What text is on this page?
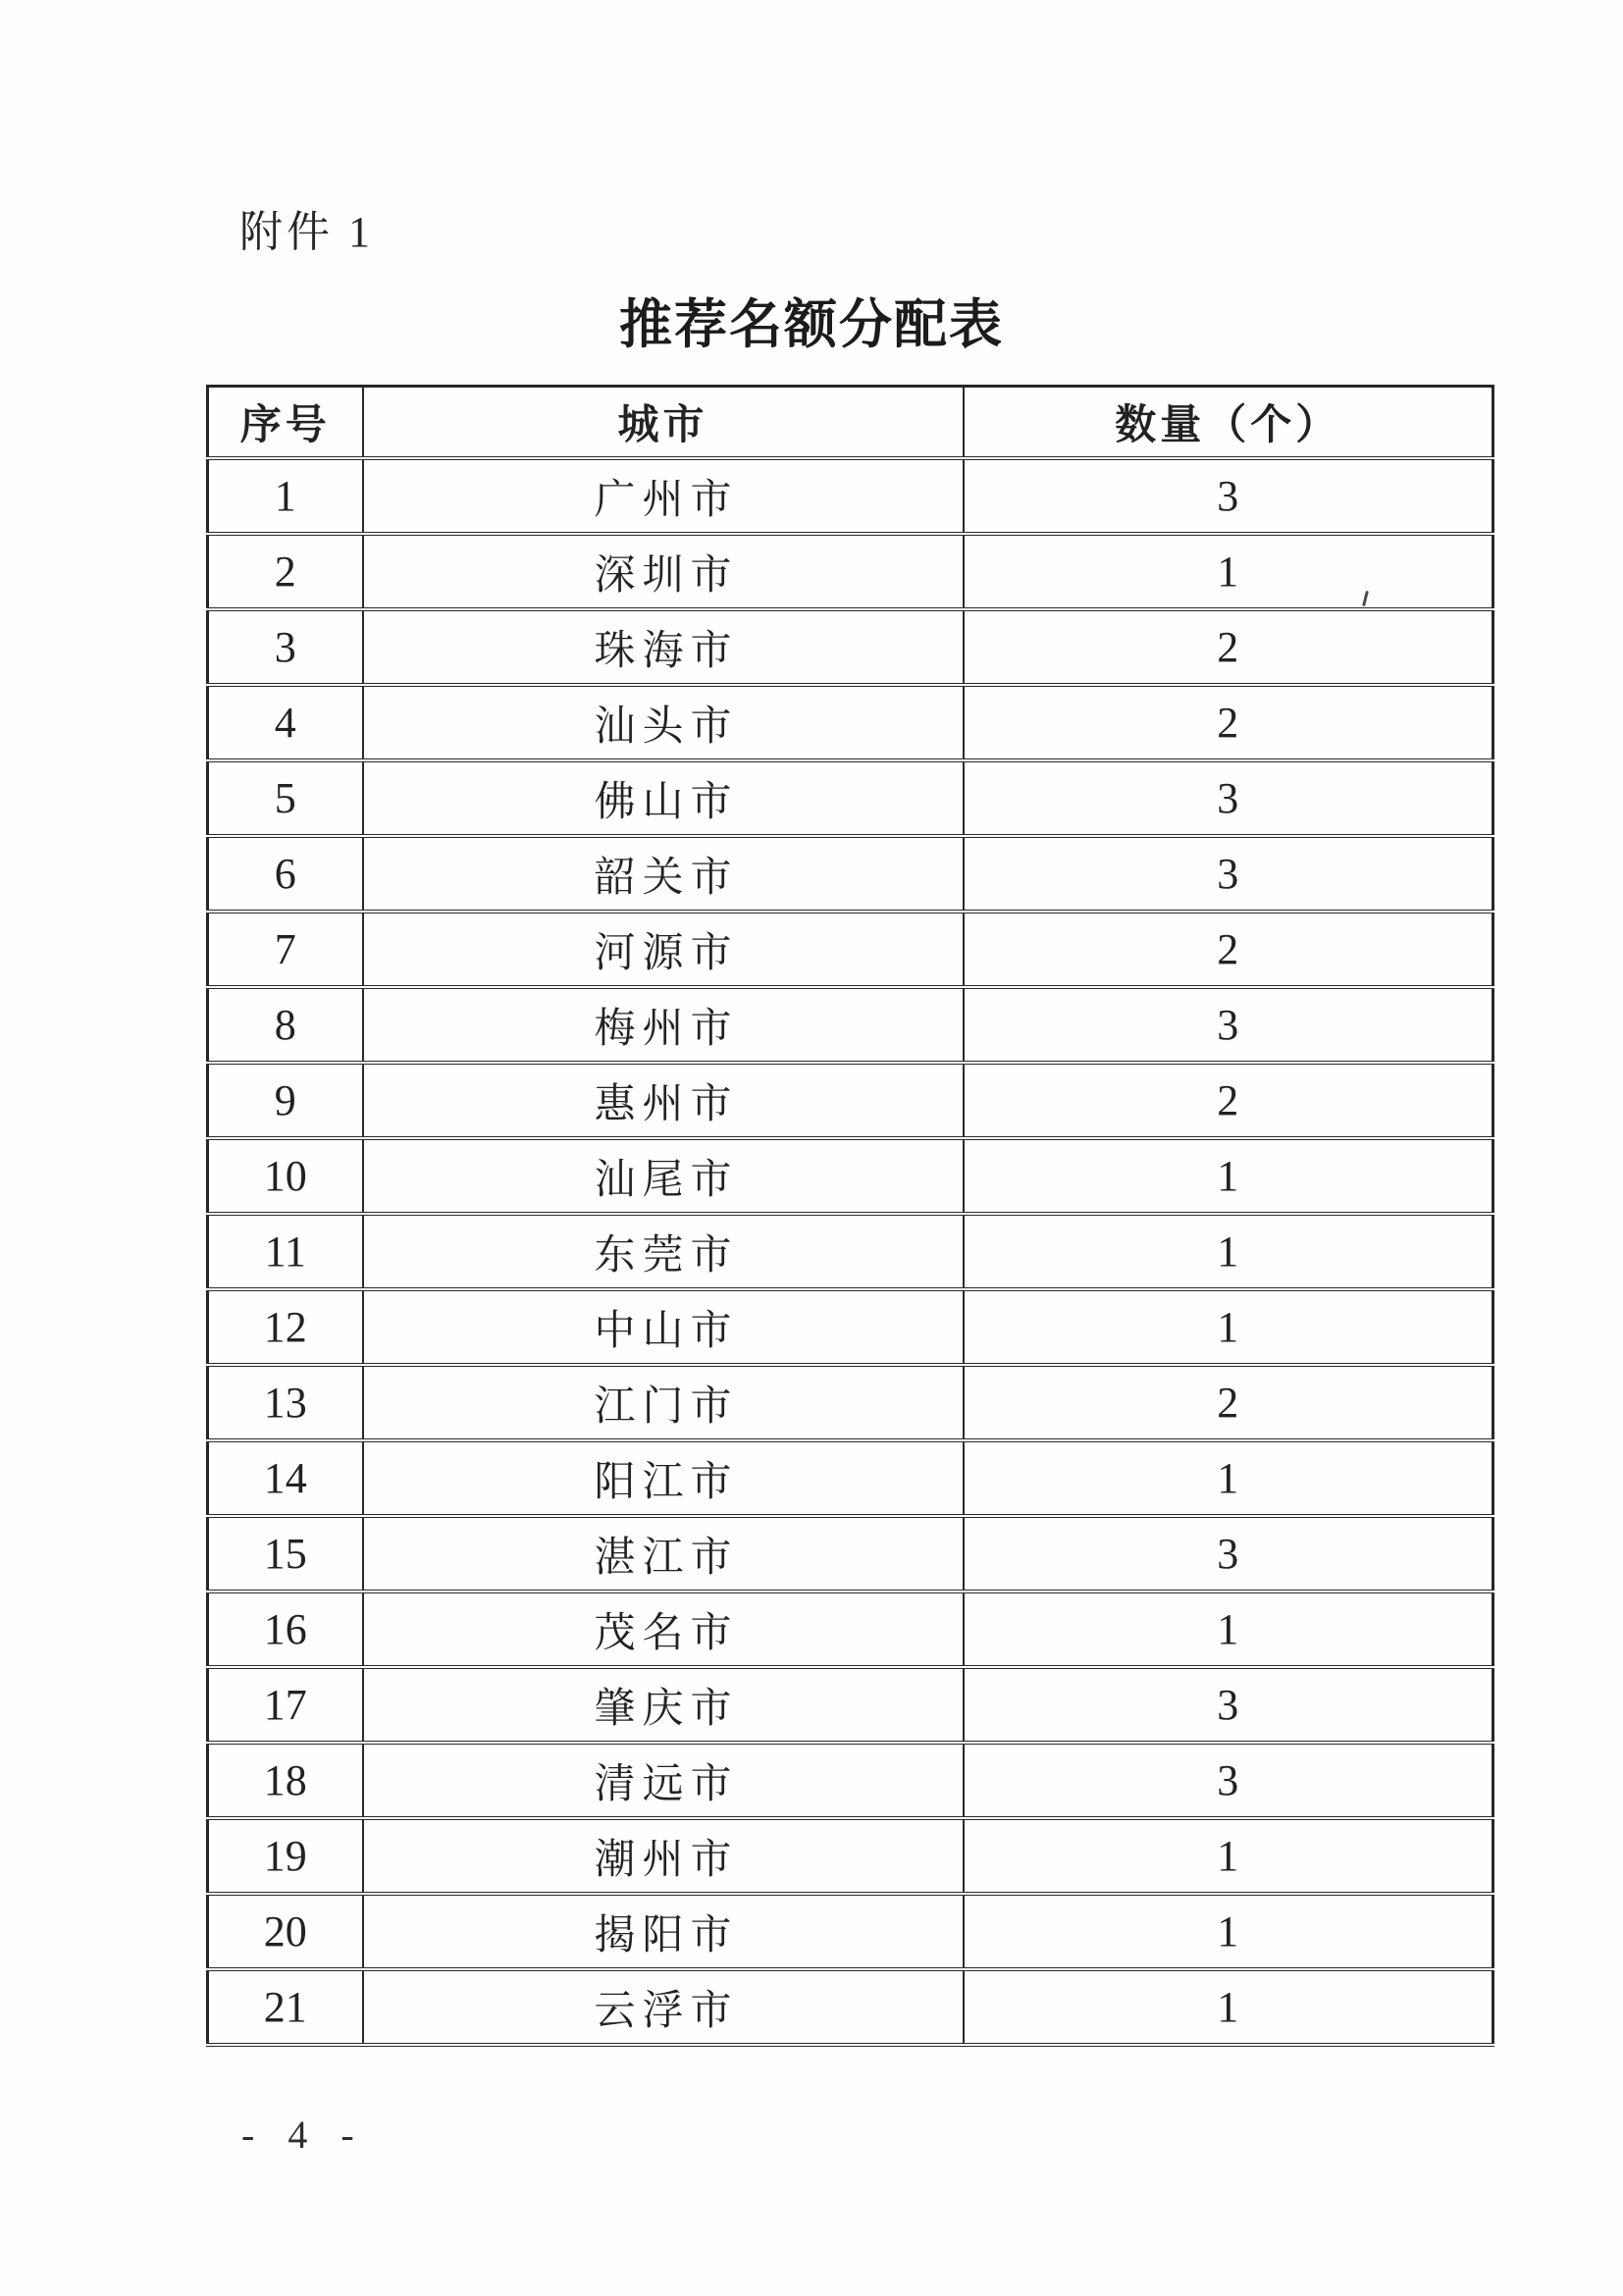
附件 1
推荐名额分配表
序号	城市	数量（个）
1	广州市	3
2	深圳市	1
3	珠海市	2
4	汕头市	2
5	佛山市	3
6	韶关市	3
7	河源市	2
8	梅州市	3
9	惠州市	2
10	汕尾市	1
11	东莞市	1
12	中山市	1
13	江门市	2
14	阳江市	1
15	湛江市	3
16	茂名市	1
17	肇庆市	3
18	清远市	3
19	潮州市	1
20	揭阳市	1
21	云浮市	1
- 4 -
